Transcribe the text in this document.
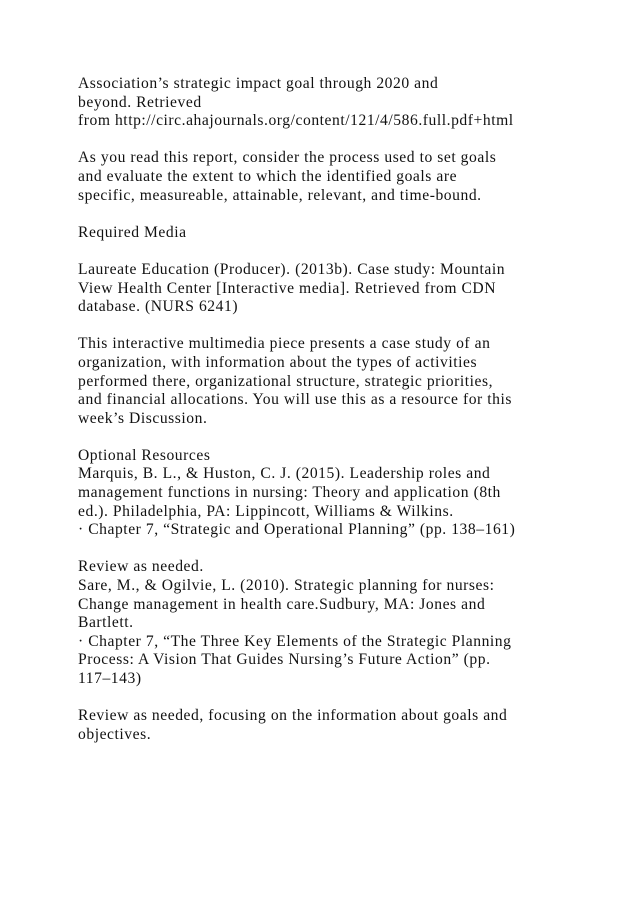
Association’s strategic impact goal through 2020 and
beyond. Retrieved
from http://circ.ahajournals.org/content/121/4/586.full.pdf+html
As you read this report, consider the process used to set goals
and evaluate the extent to which the identified goals are
specific, measureable, attainable, relevant, and time-bound.
Required Media
Laureate Education (Producer). (2013b). Case study: Mountain
View Health Center [Interactive media]. Retrieved from CDN
database. (NURS 6241)
This interactive multimedia piece presents a case study of an
organization, with information about the types of activities
performed there, organizational structure, strategic priorities,
and financial allocations. You will use this as a resource for this
week’s Discussion.
Optional Resources
Marquis, B. L., & Huston, C. J. (2015). Leadership roles and
management functions in nursing: Theory and application (8th
ed.). Philadelphia, PA: Lippincott, Williams & Wilkins.
· Chapter 7, “Strategic and Operational Planning” (pp. 138–161)
Review as needed.
Sare, M., & Ogilvie, L. (2010). Strategic planning for nurses:
Change management in health care.Sudbury, MA: Jones and
Bartlett.
· Chapter 7, “The Three Key Elements of the Strategic Planning
Process: A Vision That Guides Nursing’s Future Action” (pp.
117–143)
Review as needed, focusing on the information about goals and
objectives.
